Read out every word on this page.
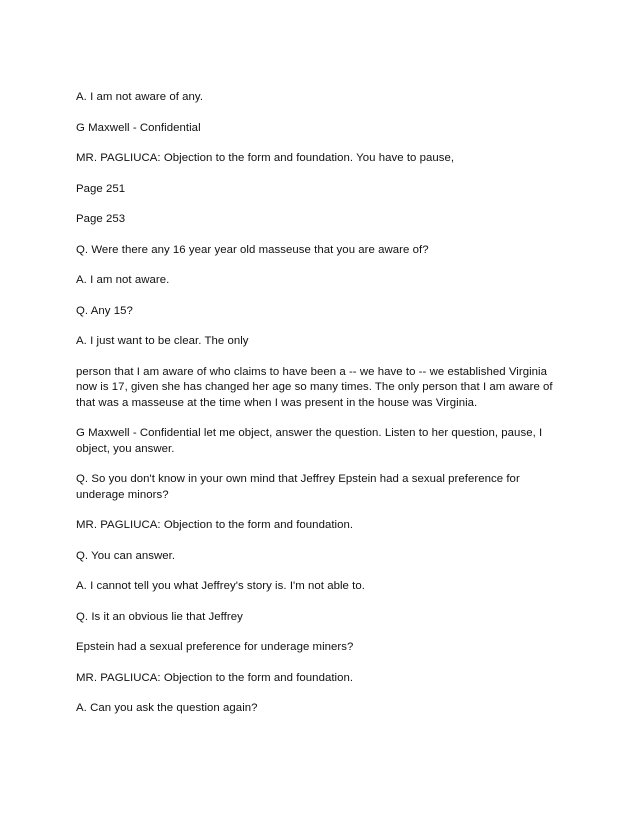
A. I am not aware of any.

G Maxwell - Confidential

MR. PAGLIUCA: Objection to the form and foundation. You have to pause,

Page 251

Page 253

Q. Were there any 16 year year old masseuse that you are aware of?

A. I am not aware.

Q. Any 15?

A. I just want to be clear. The only

person that I am aware of who claims to have been a -- we have to -- we established Virginia now is 17, given she has changed her age so many times. The only person that I am aware of that was a masseuse at the time when I was present in the house was Virginia.

G Maxwell - Confidential let me object, answer the question. Listen to her question, pause, I object, you answer.

Q. So you don't know in your own mind that Jeffrey Epstein had a sexual preference for underage minors?

MR. PAGLIUCA: Objection to the form and foundation.

Q. You can answer.

A. I cannot tell you what Jeffrey's story is. I'm not able to.

Q. Is it an obvious lie that Jeffrey

Epstein had a sexual preference for underage miners?

MR. PAGLIUCA: Objection to the form and foundation.

A. Can you ask the question again?
